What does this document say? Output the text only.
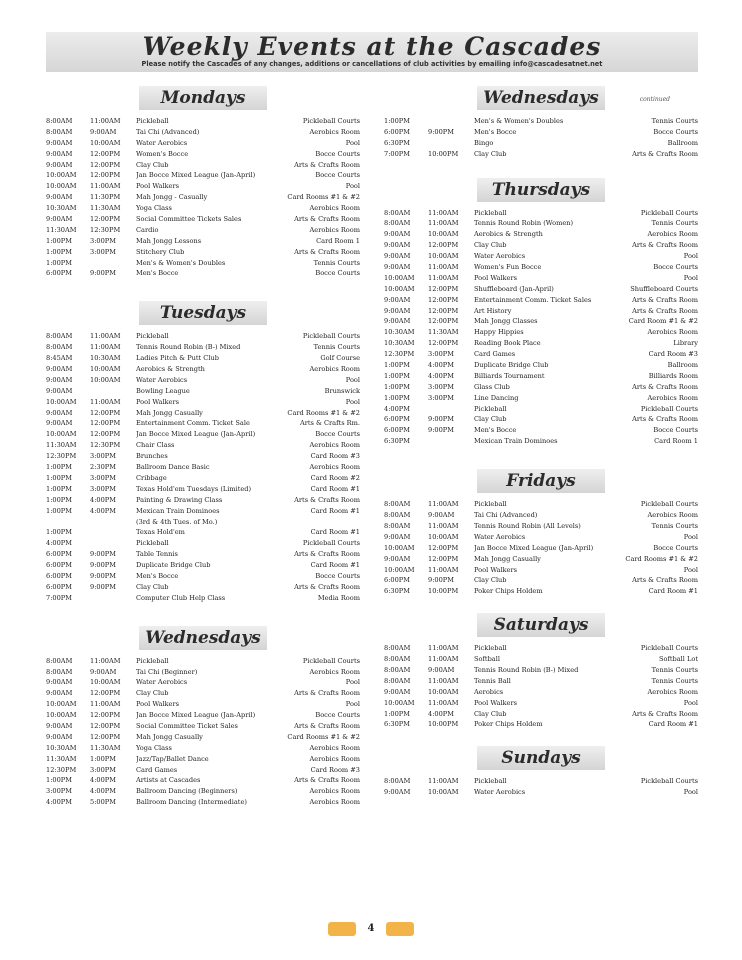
Weekly Events at the Cascades
Please notify the Cascades of any changes, additions or cancellations of club activities by emailing info@cascadesatnet.net
Mondays
8:00AM	11:00AM	Pickleball	Pickleball Courts
8:00AM	9:00AM	Tai Chi (Advanced)	Aerobics Room
9:00AM	10:00AM	Water Aerobics	Pool
9:00AM	12:00PM	Women's Bocce	Bocce Courts
9:00AM	12:00PM	Clay Club	Arts & Crafts Room
10:00AM	12:00PM	Jan Bocce Mixed League (Jan-April)	Bocce Courts
10:00AM	11:00AM	Pool Walkers	Pool
9:00AM	11:30PM	Mah Jongg - Casually	Card Rooms #1 & #2
10:30AM	11:30AM	Yoga Class	Aerobics Room
9:00AM	12:00PM	Social Committee Tickets Sales	Arts & Crafts Room
11:30AM	12:30PM	Cardio	Aerobics Room
1:00PM	3:00PM	Mah Jongg Lessons	Card Room 1
1:00PM	3:00PM	Stitchery Club	Arts & Crafts Room
1:00PM	Men's & Women's Doubles	Tennis Courts
6:00PM	9:00PM	Men's Bocce	Bocce Courts
Tuesdays
8:00AM	11:00AM	Pickleball	Pickleball Courts
8:00AM	11:00AM	Tennis Round Robin (B-) Mixed	Tennis Courts
8:45AM	10:30AM	Ladies Pitch & Putt Club	Golf Course
9:00AM	10:00AM	Aerobics & Strength	Aerobics Room
9:00AM	10:00AM	Water Aerobics	Pool
9:00AM	Bowling League	Brunswick
10:00AM	11:00AM	Pool Walkers	Pool
9:00AM	12:00PM	Mah Jongg Casually	Card Rooms #1 & #2
9:00AM	12:00PM	Entertainment Comm. Ticket Sale	Arts & Crafts Rm.
10:00AM	12:00PM	Jan Bocce Mixed League (Jan-April)	Bocce Courts
11:30AM	12:30PM	Chair Class	Aerobics Room
12:30PM	3:00PM	Brunches	Card Room #3
1:00PM	2:30PM	Ballroom Dance Basic	Aerobics Room
1:00PM	3:00PM	Cribbage	Card Room #2
1:00PM	3:00PM	Texas Hold'em Tuesdays (Limited)	Card Room #1
1:00PM	4:00PM	Painting & Drawing Class	Arts & Crafts Room
1:00PM	4:00PM	Mexican Train Dominoes	Card Room #1
(3rd & 4th Tues. of Mo.)
1:00PM	Texas Hold'em	Card Room #1
4:00PM	Pickleball	Pickleball Courts
6:00PM	9:00PM	Table Tennis	Arts & Crafts Room
6:00PM	9:00PM	Duplicate Bridge Club	Card Room #1
6:00PM	9:00PM	Men's Bocce	Bocce Courts
6:00PM	9:00PM	Clay Club	Arts & Crafts Room
7:00PM	Computer Club Help Class	Media Room
Wednesdays
8:00AM	11:00AM	Pickleball	Pickleball Courts
8:00AM	9:00AM	Tai Chi (Beginner)	Aerobics Room
9:00AM	10:00AM	Water Aerobics	Pool
9:00AM	12:00PM	Clay Club	Arts & Crafts Room
10:00AM	11:00AM	Pool Walkers	Pool
10:00AM	12:00PM	Jan Bocce Mixed League (Jan-April)	Bocce Courts
9:00AM	12:00PM	Social Committee Ticket Sales	Arts & Crafts Room
9:00AM	12:00PM	Mah Jongg Casually	Card Rooms #1 & #2
10:30AM	11:30AM	Yoga Class	Aerobics Room
11:30AM	1:00PM	Jazz/Tap/Ballet Dance	Aerobics Room
12:30PM	3:00PM	Card Games	Card Room #3
1:00PM	4:00PM	Artists at Cascades	Arts & Crafts Room
3:00PM	4:00PM	Ballroom Dancing (Beginners)	Aerobics Room
4:00PM	5:00PM	Ballroom Dancing (Intermediate)	Aerobics Room
Wednesdays	continued
1:00PM	Men's & Women's Doubles	Tennis Courts
6:00PM	9:00PM	Men's Bocce	Bocce Courts
6:30PM	Bingo	Ballroom
7:00PM	10:00PM	Clay Club	Arts & Crafts Room
Thursdays
8:00AM	11:00AM	Pickleball	Pickleball Courts
8:00AM	11:00AM	Tennis Round Robin (Women)	Tennis Courts
9:00AM	10:00AM	Aerobics & Strength	Aerobics Room
9:00AM	12:00PM	Clay Club	Arts & Crafts Room
9:00AM	10:00AM	Water Aerobics	Pool
9:00AM	11:00AM	Women's Fun Bocce	Bocce Courts
10:00AM	11:00AM	Pool Walkers	Pool
10:00AM	12:00PM	Shuffleboard (Jan-April)	Shuffleboard Courts
9:00AM	12:00PM	Entertainment Comm. Ticket Sales	Arts & Crafts Room
9:00AM	12:00PM	Art History	Arts & Crafts Room
9:00AM	12:00PM	Mah Jongg Classes	Card Room #1 & #2
10:30AM	11:30AM	Happy Hippies	Aerobics Room
10:30AM	12:00PM	Reading Book Place	Library
12:30PM	3:00PM	Card Games	Card Room #3
1:00PM	4:00PM	Duplicate Bridge Club	Ballroom
1:00PM	4:00PM	Billiards Tournament	Billiards Room
1:00PM	3:00PM	Glass Club	Arts & Crafts Room
1:00PM	3:00PM	Line Dancing	Aerobics Room
4:00PM	Pickleball	Pickleball Courts
6:00PM	9:00PM	Clay Club	Arts & Crafts Room
6:00PM	9:00PM	Men's Bocce	Bocce Courts
6:30PM	Mexican Train Dominoes	Card Room 1
Fridays
8:00AM	11:00AM	Pickleball	Pickleball Courts
8:00AM	9:00AM	Tai Chi (Advanced)	Aerobics Room
8:00AM	11:00AM	Tennis Round Robin (All Levels)	Tennis Courts
9:00AM	10:00AM	Water Aerobics	Pool
10:00AM	12:00PM	Jan Bocce Mixed League (Jan-April)	Bocce Courts
9:00AM	12:00PM	Mah Jongg Casually	Card Rooms #1 & #2
10:00AM	11:00AM	Pool Walkers	Pool
6:00PM	9:00PM	Clay Club	Arts & Crafts Room
6:30PM	10:00PM	Poker Chips Holdem	Card Room #1
Saturdays
8:00AM	11:00AM	Pickleball	Pickleball Courts
8:00AM	11:00AM	Softball	Softball Lot
8:00AM	9:00AM	Tennis Round Robin (B-) Mixed	Tennis Courts
8:00AM	11:00AM	Tennis Ball	Tennis Courts
9:00AM	10:00AM	Aerobics	Aerobics Room
10:00AM	11:00AM	Pool Walkers	Pool
1:00PM	4:00PM	Clay Club	Arts & Crafts Room
6:30PM	10:00PM	Poker Chips Holdem	Card Room #1
Sundays
8:00AM	11:00AM	Pickleball	Pickleball Courts
9:00AM	10:00AM	Water Aerobics	Pool
4
